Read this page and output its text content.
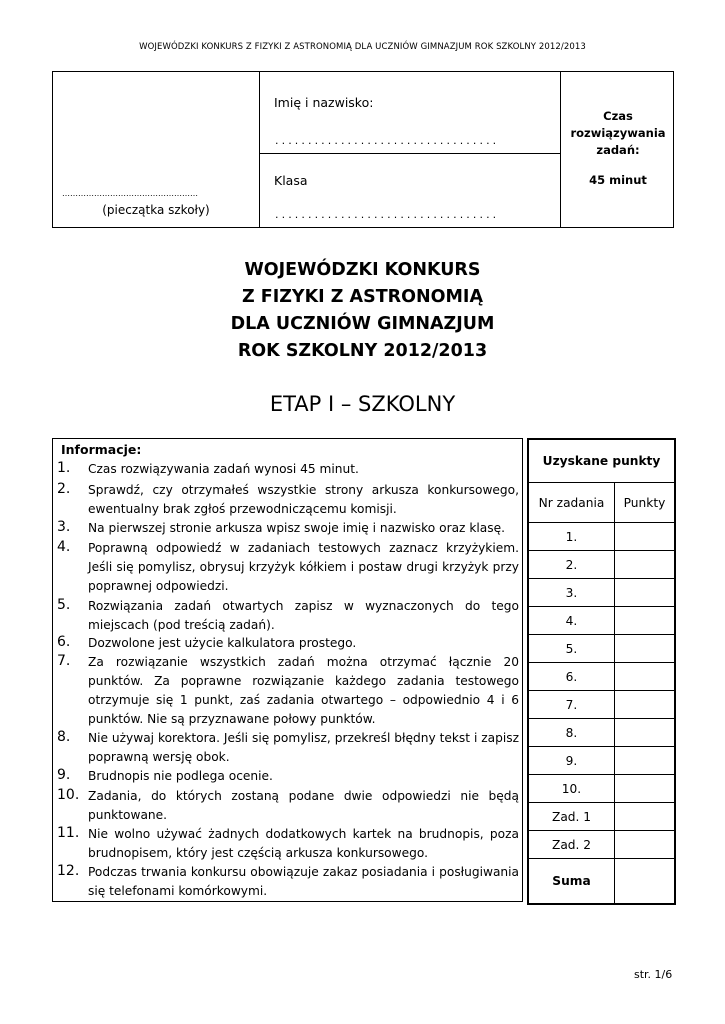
WOJEWÓDZKI KONKURS Z FIZYKI Z ASTRONOMIĄ DLA UCZNIÓW GIMNAZJUM ROK SZKOLNY 2012/2013
……………………………………………
(pieczątka szkoły)
Imię i nazwisko:
..................................
Klasa
..................................
Czas
rozwiązywania
zadań:
45 minut
WOJEWÓDZKI KONKURS
Z FIZYKI Z ASTRONOMIĄ
DLA UCZNIÓW GIMNAZJUM
ROK SZKOLNY 2012/2013
ETAP I – SZKOLNY
Informacje:
1. Czas rozwiązywania zadań wynosi 45 minut.
2. Sprawdź, czy otrzymałeś wszystkie strony arkusza konkursowego, ewentualny brak zgłoś przewodniczącemu komisji.
3. Na pierwszej stronie arkusza wpisz swoje imię i nazwisko oraz klasę.
4. Poprawną odpowiedź w zadaniach testowych zaznacz krzyżykiem. Jeśli się pomylisz, obrysuj krzyżyk kółkiem i postaw drugi krzyżyk przy poprawnej odpowiedzi.
5. Rozwiązania zadań otwartych zapisz w wyznaczonych do tego miejscach (pod treścią zadań).
6. Dozwolone jest użycie kalkulatora prostego.
7. Za rozwiązanie wszystkich zadań można otrzymać łącznie 20 punktów. Za poprawne rozwiązanie każdego zadania testowego otrzymuje się 1 punkt, zaś zadania otwartego – odpowiednio 4 i 6 punktów. Nie są przyznawane połowy punktów.
8. Nie używaj korektora. Jeśli się pomylisz, przekreśl błędny tekst i zapisz poprawną wersję obok.
9. Brudnopis nie podlega ocenie.
10. Zadania, do których zostaną podane dwie odpowiedzi nie będą punktowane.
11. Nie wolno używać żadnych dodatkowych kartek na brudnopis, poza brudnopisem, który jest częścią arkusza konkursowego.
12. Podczas trwania konkursu obowiązuje zakaz posiadania i posługiwania się telefonami komórkowymi.
Uzyskane punkty	
Nr zadania	Punkty
1.	
2.	
3.	
4.	
5.	
6.	
7.	
8.	
9.	
10.	
Zad. 1	
Zad. 2	
Suma	
str. 1/6
